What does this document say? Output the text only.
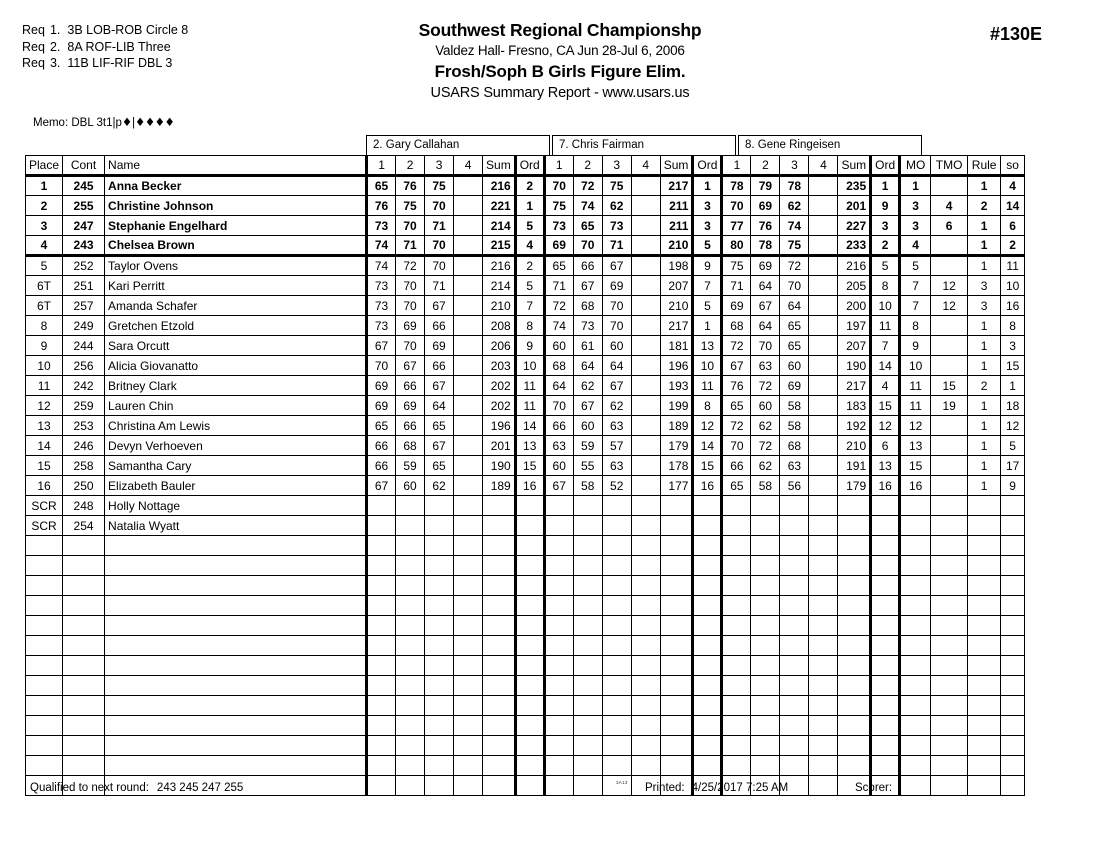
Req 1. 3B LOB-ROB Circle 8
Req 2. 8A ROF-LIB Three
Req 3. 11B LIF-RIF DBL 3
Memo: DBL 3t1|p♦|♦♦♦♦
Southwest Regional Championshp
Valdez Hall- Fresno, CA Jun 28-Jul 6, 2006
Frosh/Soph B Girls Figure Elim.
USARS Summary Report - www.usars.us
#130E
2. Gary Callahan	7. Chris Fairman	8. Gene Ringeisen
Place	Cont	Name	1	2	3	4	Sum	Ord	1	2	3	4	Sum	Ord	1	2	3	4	Sum	Ord	MO	TMO	Rule	so
1	245	Anna Becker	65	76	75		216	2	70	72	75		217	1	78	79	78		235	1	1		1	4
2	255	Christine Johnson	76	75	70		221	1	75	74	62		211	3	70	69	62		201	9	3	4	2	14
3	247	Stephanie Engelhard	73	70	71		214	5	73	65	73		211	3	77	76	74		227	3	3	6	1	6
4	243	Chelsea Brown	74	71	70		215	4	69	70	71		210	5	80	78	75		233	2	4		1	2
5	252	Taylor Ovens	74	72	70		216	2	65	66	67		198	9	75	69	72		216	5	5		1	11
6T	251	Kari Perritt	73	70	71		214	5	71	67	69		207	7	71	64	70		205	8	7	12	3	10
6T	257	Amanda Schafer	73	70	67		210	7	72	68	70		210	5	69	67	64		200	10	7	12	3	16
8	249	Gretchen Etzold	73	69	66		208	8	74	73	70		217	1	68	64	65		197	11	8		1	8
9	244	Sara Orcutt	67	70	69		206	9	60	61	60		181	13	72	70	65		207	7	9		1	3
10	256	Alicia Giovanatto	70	67	66		203	10	68	64	64		196	10	67	63	60		190	14	10		1	15
11	242	Britney Clark	69	66	67		202	11	64	62	67		193	11	76	72	69		217	4	11	15	2	1
12	259	Lauren Chin	69	69	64		202	11	70	67	62		199	8	65	60	58		183	15	11	19	1	18
13	253	Christina Am Lewis	65	66	65		196	14	66	60	63		189	12	72	62	58		192	12	12		1	12
14	246	Devyn Verhoeven	66	68	67		201	13	63	59	57		179	14	70	72	68		210	6	13		1	5
15	258	Samantha Cary	66	59	65		190	15	60	55	63		178	15	66	62	63		191	13	15		1	17
16	250	Elizabeth Bauler	67	60	62		189	16	67	58	52		177	16	65	58	56		179	16	16		1	9
SCR	248	Holly Nottage																						
SCR	254	Natalia Wyatt																						

Qualified to next round: 243 245 247 255	3A13 Printed: 4/25/2017 7:25 AM	Scorer:
